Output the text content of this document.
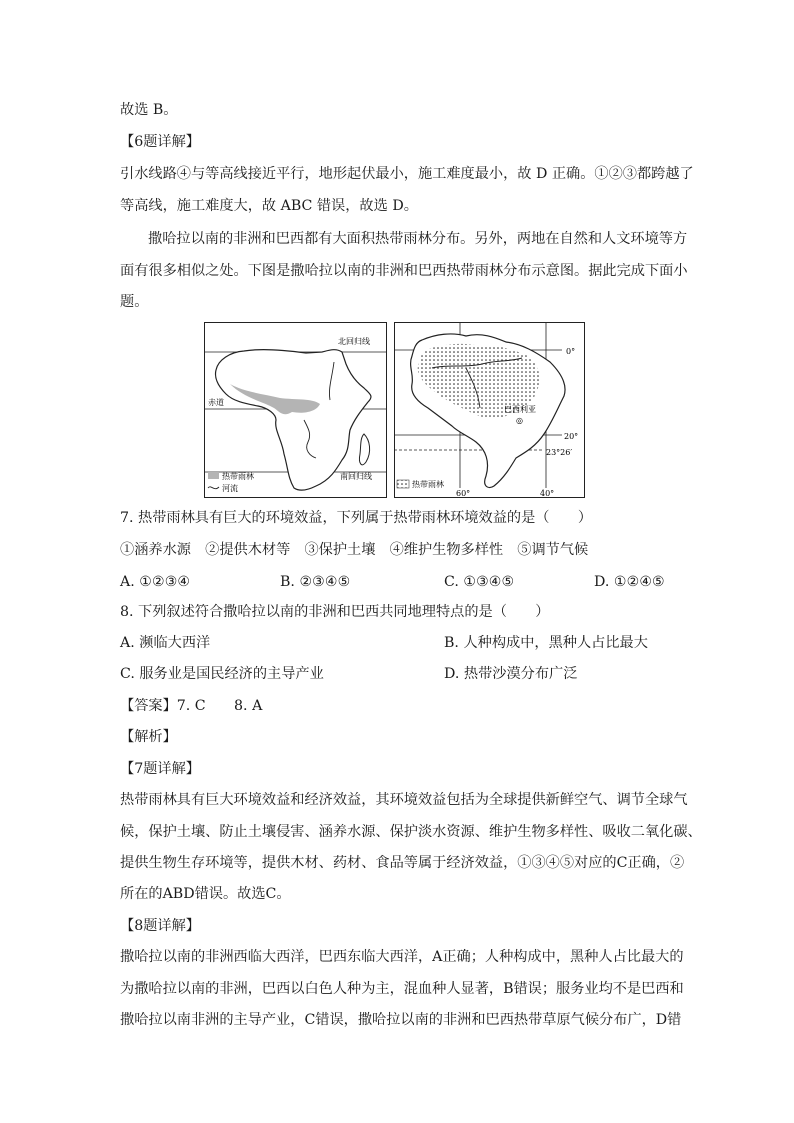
故选 B。
【6题详解】
引水线路④与等高线接近平行，地形起伏最小，施工难度最小，故 D 正确。①②③都跨越了
等高线，施工难度大，故 ABC 错误，故选 D。
撒哈拉以南的非洲和巴西都有大面积热带雨林分布。另外，两地在自然和人文环境等方
面有很多相似之处。下图是撒哈拉以南的非洲和巴西热带雨林分布示意图。据此完成下面小
题。
北回归线
赤道
南回归线
热带雨林
河流
0°
20°
23°26′
60°	40°
巴西利亚
◎
热带雨林
7. 热带雨林具有巨大的环境效益，下列属于热带雨林环境效益的是（　　）
①涵养水源　②提供木材等　③保护土壤　④维护生物多样性　⑤调节气候
A. ①②③④	B. ②③④⑤	C. ①③④⑤	D. ①②④⑤
8. 下列叙述符合撒哈拉以南的非洲和巴西共同地理特点的是（　　）
A. 濒临大西洋	B. 人种构成中，黑种人占比最大
C. 服务业是国民经济的主导产业	D. 热带沙漠分布广泛
【答案】7. C　　8. A
【解析】
【7题详解】
热带雨林具有巨大环境效益和经济效益，其环境效益包括为全球提供新鲜空气、调节全球气
候，保护土壤、防止土壤侵害、涵养水源、保护淡水资源、维护生物多样性、吸收二氧化碳、
提供生物生存环境等，提供木材、药材、食品等属于经济效益，①③④⑤对应的C正确，②
所在的ABD错误。故选C。
【8题详解】
撒哈拉以南的非洲西临大西洋，巴西东临大西洋，A正确；人种构成中，黑种人占比最大的
为撒哈拉以南的非洲，巴西以白色人种为主，混血种人显著，B错误；服务业均不是巴西和
撒哈拉以南非洲的主导产业，C错误，撒哈拉以南的非洲和巴西热带草原气候分布广，D错
